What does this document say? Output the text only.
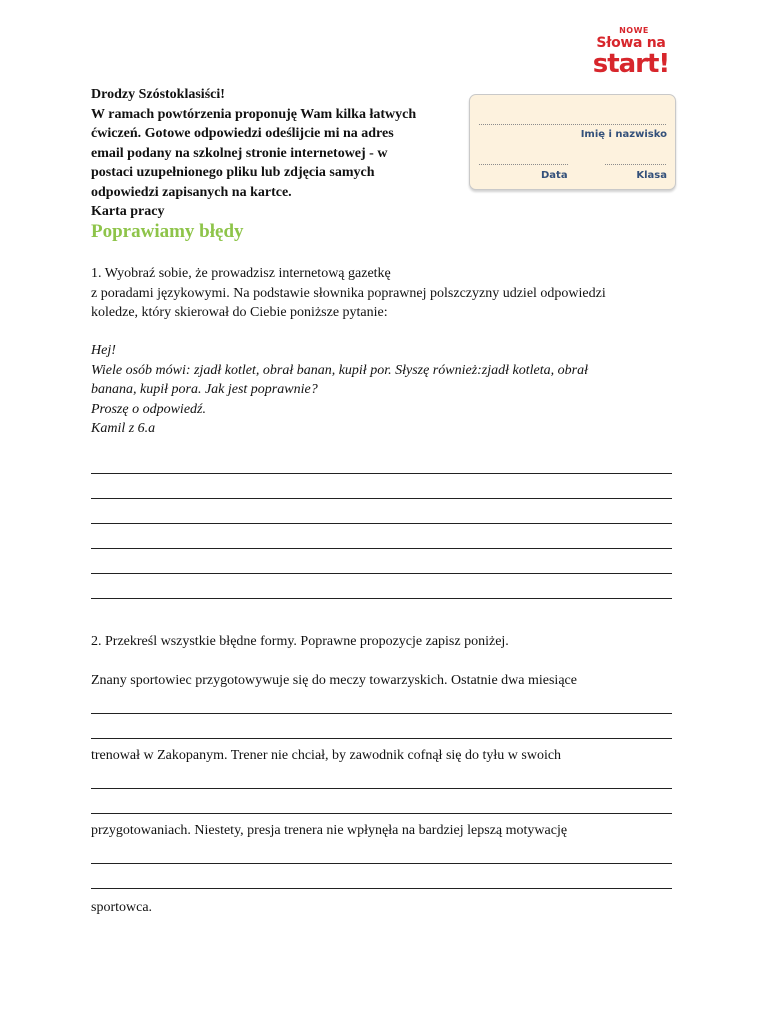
NOWE
Słowa na
start!
Drodzy Szóstoklasiści!
W ramach powtórzenia proponuję Wam kilka łatwych
ćwiczeń. Gotowe odpowiedzi odeślijcie mi na adres
email podany na szkolnej stronie internetowej - w
postaci uzupełnionego pliku lub zdjęcia samych
odpowiedzi zapisanych na kartce.
Karta pracy
Imię i nazwisko
Data	Klasa
Poprawiamy błędy
1. Wyobraź sobie, że prowadzisz internetową gazetkę
z poradami językowymi. Na podstawie słownika poprawnej polszczyzny udziel odpowiedzi
koledze, który skierował do Ciebie poniższe pytanie:
Hej!
Wiele osób mówi: zjadł kotlet, obrał banan, kupił por. Słyszę również:zjadł kotleta, obrał
banana, kupił pora. Jak jest poprawnie?
Proszę o odpowiedź.
Kamil z 6.a
2. Przekreśl wszystkie błędne formy. Poprawne propozycje zapisz poniżej.
Znany sportowiec przygotowywuje się do meczy towarzyskich. Ostatnie dwa miesiące
trenował w Zakopanym. Trener nie chciał, by zawodnik cofnął się do tyłu w swoich
przygotowaniach. Niestety, presja trenera nie wpłynęła na bardziej lepszą motywację
sportowca.
